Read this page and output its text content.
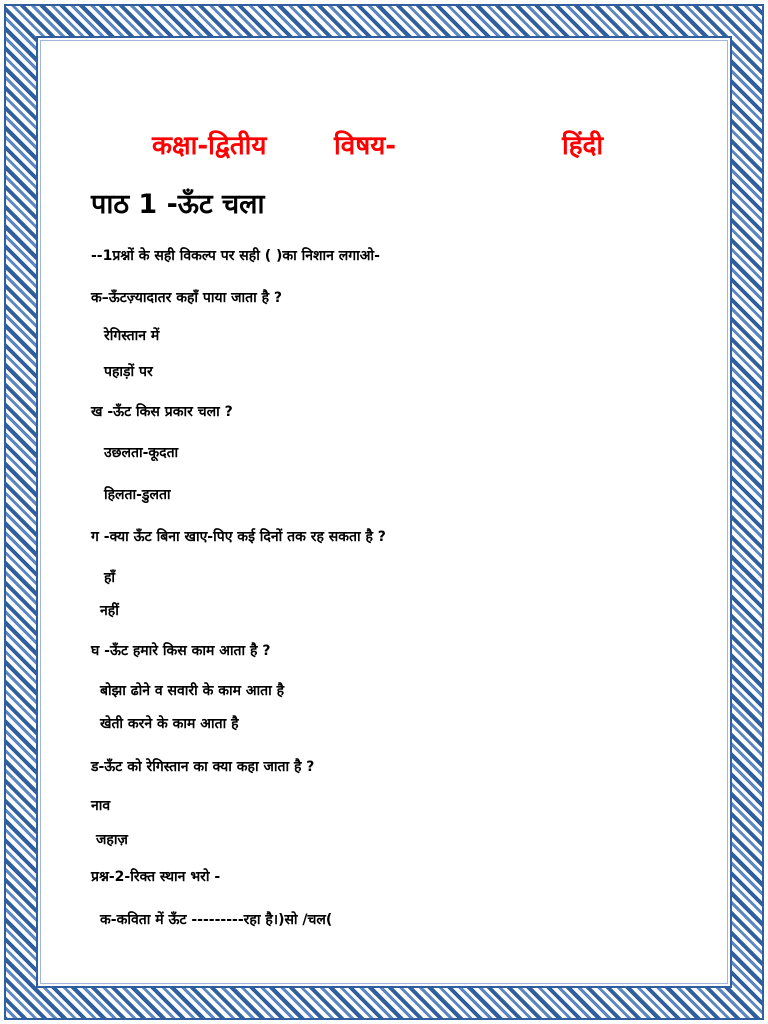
कक्षा-द्वितीय	विषय-	हिंदी
पाठ 1 -ऊँट चला
--1प्रश्नों के सही विकल्प पर सही ( )का निशान लगाओ-
क–ऊँटज़्यादातर कहाँ पाया जाता है ?
रेगिस्तान में
पहाड़ों पर
ख -ऊँट किस प्रकार चला ?
उछलता-कूदता
हिलता-डुलता
ग -क्या ऊँट बिना खाए-पिए कई दिनों तक रह सकता है ?
हाँ
नहीं
घ -ऊँट हमारे किस काम आता है ?
बोझा ढोने व सवारी के काम आता है
खेती करने के काम आता है
ड-ऊँट को रेगिस्तान का क्या कहा जाता है ?
नाव
जहाज़
प्रश्न-2-रिक्त स्थान भरो -
क-कविता में ऊँट ---------रहा है।)सो /चल(
